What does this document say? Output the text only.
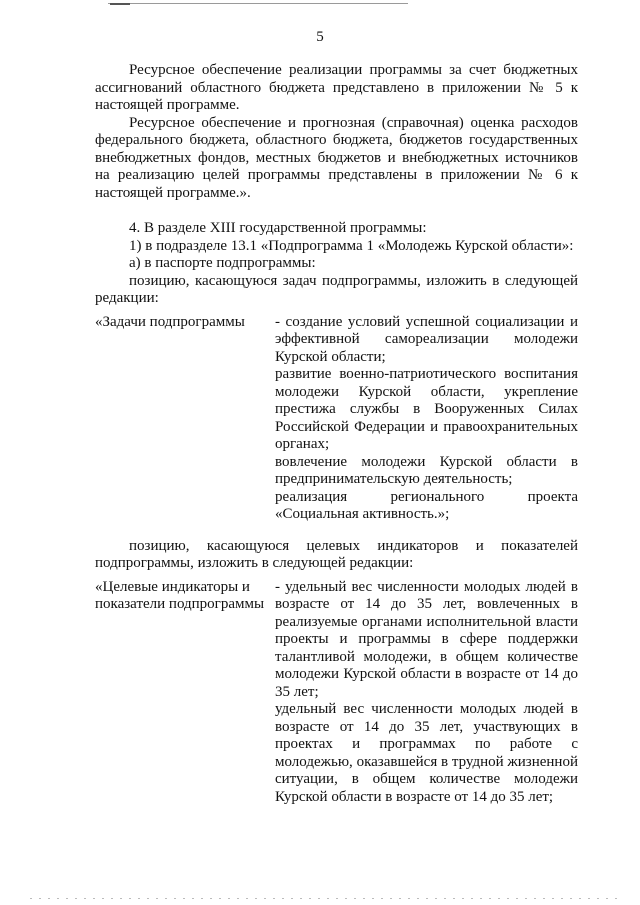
5

Ресурсное обеспечение реализации программы за счет бюджетных ассигнований областного бюджета представлено в приложении № 5 к настоящей программе.

Ресурсное обеспечение и прогнозная (справочная) оценка расходов федерального бюджета, областного бюджета, бюджетов государственных внебюджетных фондов, местных бюджетов и внебюджетных источников на реализацию целей программы представлены в приложении № 6 к настоящей программе.».

4. В разделе XIII государственной программы:

1) в подразделе 13.1 «Подпрограмма 1 «Молодежь Курской области»:

а) в паспорте подпрограммы:

позицию, касающуюся задач подпрограммы, изложить в следующей редакции:

«Задачи подпрограммы	- создание условий успешной социализации и эффективной самореализации молодежи Курской области;

развитие военно-патриотического воспитания молодежи Курской области, укрепление престижа службы в Вооруженных Силах Российской Федерации и правоохранительных органах;

вовлечение молодежи Курской области в предпринимательскую деятельность;

реализация регионального проекта «Социальная активность.»;

позицию, касающуюся целевых индикаторов и показателей подпрограммы, изложить в следующей редакции:

«Целевые индикаторы и показатели подпрограммы

- удельный вес численности молодых людей в возрасте от 14 до 35 лет, вовлеченных в реализуемые органами исполнительной власти проекты и программы в сфере поддержки талантливой молодежи, в общем количестве молодежи Курской области в возрасте от 14 до 35 лет;

удельный вес численности молодых людей в возрасте от 14 до 35 лет, участвующих в проектах и программах по работе с молодежью, оказавшейся в трудной жизненной ситуации, в общем количестве молодежи Курской области в возрасте от 14 до 35 лет;
